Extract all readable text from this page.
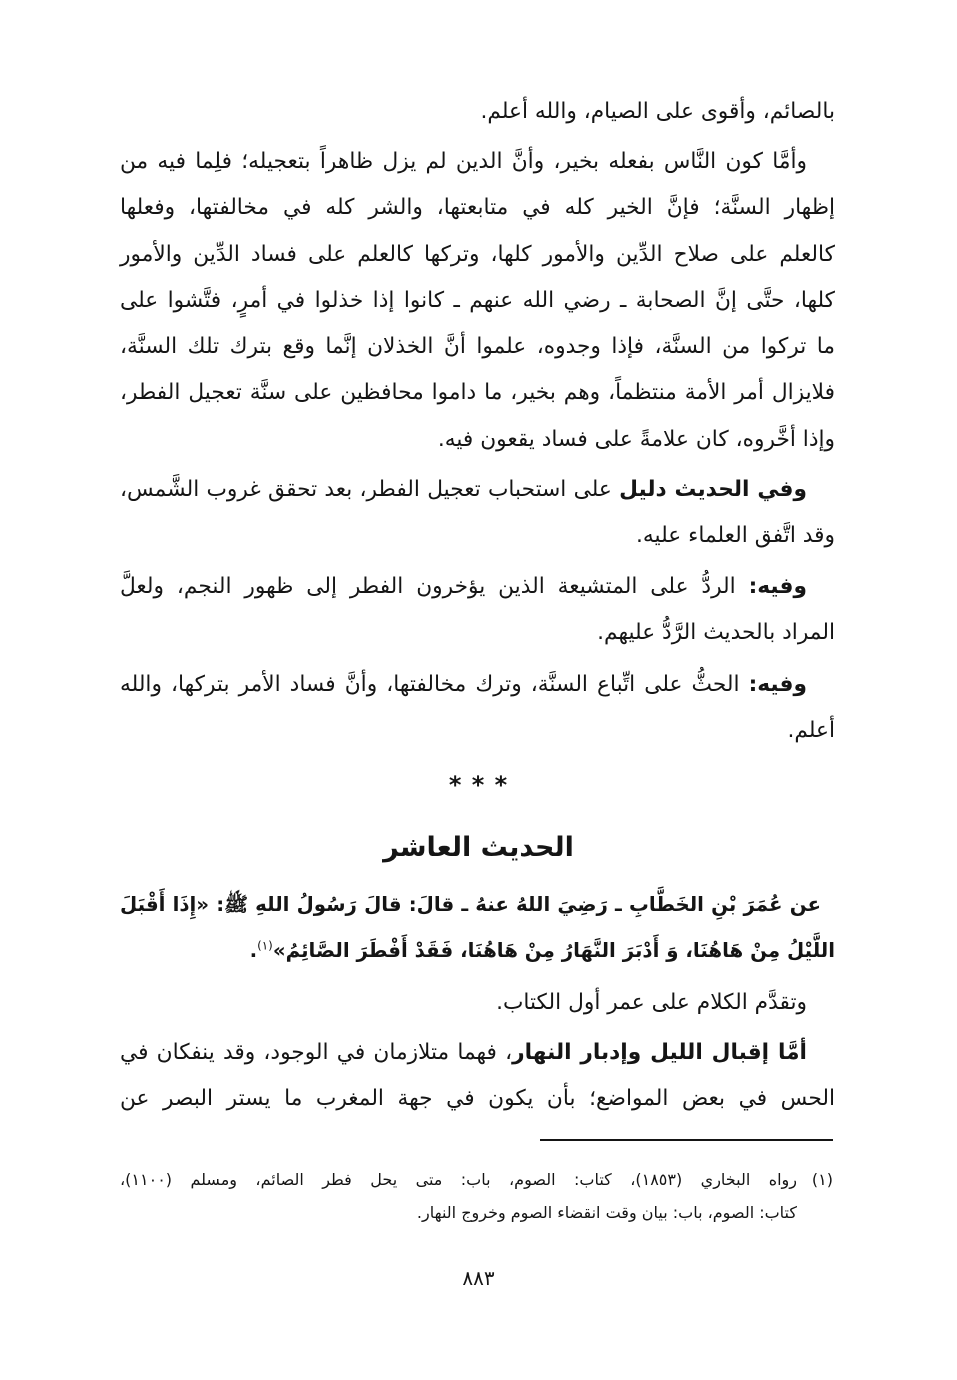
بالصائم، وأقوى على الصيام، والله أعلم.
وأمَّا كون النَّاس بفعله بخير، وأنَّ الدين لم يزل ظاهراً بتعجيله؛ فلِما فيه من
إظهار السنَّة؛ فإنَّ الخير كله في متابعتها، والشر كله في مخالفتها، وفعلها
كالعلم على صلاح الدِّين والأمور كلها، وتركها كالعلم على فساد الدِّين والأمور
كلها، حتَّى إنَّ الصحابة ـ رضي الله عنهم ـ كانوا إذا خذلوا في أمرٍ، فتَّشوا على
ما تركوا من السنَّة، فإذا وجدوه، علموا أنَّ الخذلان إنَّما وقع بترك تلك السنَّة،
فلايزال أمر الأمة منتظماً، وهم بخير، ما داموا محافظين على سنَّة تعجيل الفطر،
وإذا أخَّروه، كان علامةً على فساد يقعون فيه.
وفي الحديث دليل على استحباب تعجيل الفطر، بعد تحقق غروب الشَّمس،
وقد اتَّفق العلماء عليه.
وفيه: الردُّ على المتشيعة الذين يؤخرون الفطر إلى ظهور النجم، ولعلَّ
المراد بالحديث الرَّدُّ عليهم.
وفيه: الحثُّ على اتِّباع السنَّة، وترك مخالفتها، وأنَّ فساد الأمر بتركها، والله
أعلم.
* * *
الحديث العاشر
عن عُمَرَ بْنِ الخَطَّابِ ـ رَضِيَ اللهُ عنهُ ـ قالَ: قالَ رَسُولُ اللهِ ﷺ: «إِذَا أَقْبَلَ
اللَّيْلُ مِنْ هَاهُنَا، وَ أَدْبَرَ النَّهَارُ مِنْ هَاهُنَا، فَقَدْ أَفْطَرَ الصَّائِمُ»$^{(١)}$.
وتقدَّم الكلام على عمر أول الكتاب.
أمَّا إقبال الليل وإدبار النهار، فهما متلازمان في الوجود، وقد ينفكان في
الحس في بعض المواضع؛ بأن يكون في جهة المغرب ما يستر البصر عن
(١)
رواه البخاري (١٨٥٣)، كتاب: الصوم، باب: متى يحل فطر الصائم، ومسلم (١١٠٠)،
كتاب: الصوم، باب: بيان وقت انقضاء الصوم وخروج النهار.
٨٨٣
